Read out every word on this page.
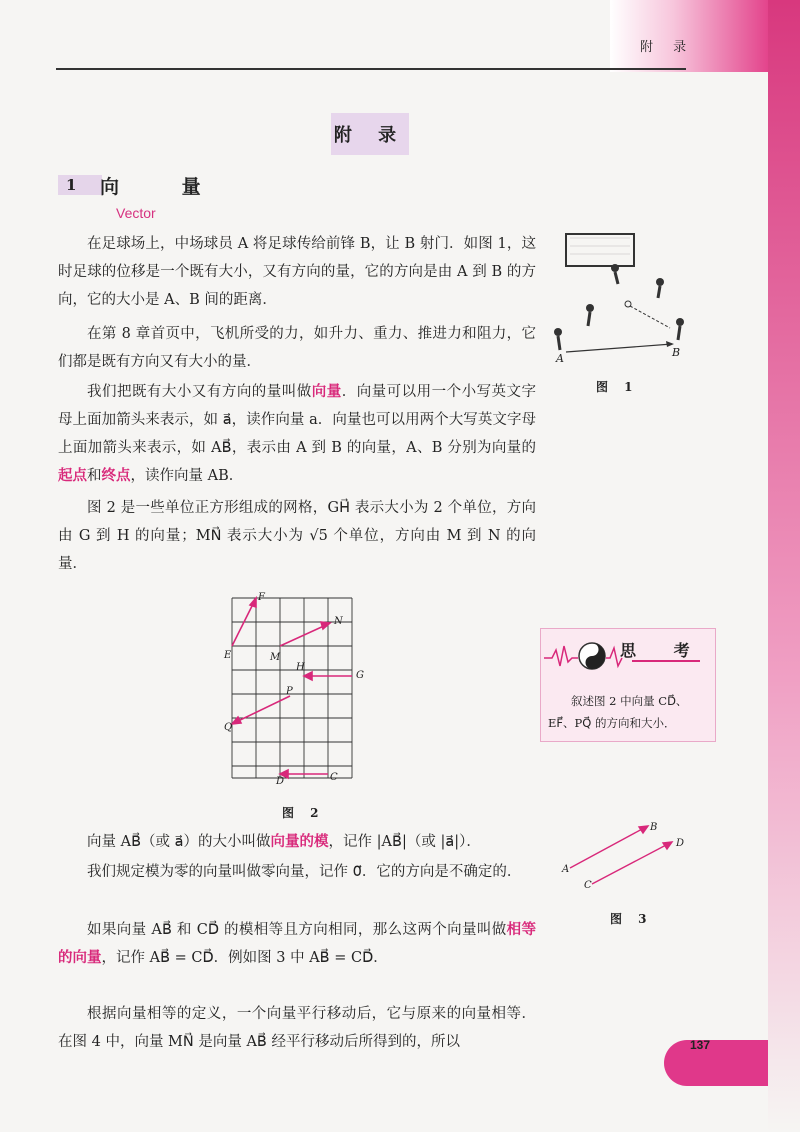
附 录
附 录
1	向 量
Vector
在足球场上，中场球员 A 将足球传给前锋 B，让 B 射门．如图 1，这时足球的位移是一个既有大小，又有方向的量，它的方向是由 A 到 B 的方向，它的大小是 A、B 间的距离．
在第 8 章首页中，飞机所受的力，如升力、重力、推进力和阻力，它们都是既有方向又有大小的量．
我们把既有大小又有方向的量叫做向量．向量可以用一个小写英文字母上面加箭头来表示，如 a⃗，读作向量 a．向量也可以用两个大写英文字母上面加箭头来表示，如 AB⃗，表示由 A 到 B 的向量，A、B 分别为向量的起点和终点，读作向量 AB．
图 2 是一些单位正方形组成的网格，GH⃗ 表示大小为 2 个单位，方向由 G 到 H 的向量；MN⃗ 表示大小为 √5 个单位，方向由 M 到 N 的向量．
A	B
图 1
F
E	M
N
H
G
P
Q
D	C
图 2
思 考
叙述图 2 中向量 CD⃗、EF⃗、PQ⃗ 的方向和大小．
向量 AB⃗（或 a⃗）的大小叫做向量的模，记作 |AB⃗|（或 |a⃗|）．
我们规定模为零的向量叫做零向量，记作 0⃗．它的方向是不确定的．
如果向量 AB⃗ 和 CD⃗ 的模相等且方向相同，那么这两个向量叫做相等的向量，记作 AB⃗ = CD⃗．例如图 3 中 AB⃗ = CD⃗．
根据向量相等的定义，一个向量平行移动后，它与原来的向量相等．在图 4 中，向量 MN⃗ 是向量 AB⃗ 经平行移动后所得到的，所以
A
B
C
D
图 3
137
